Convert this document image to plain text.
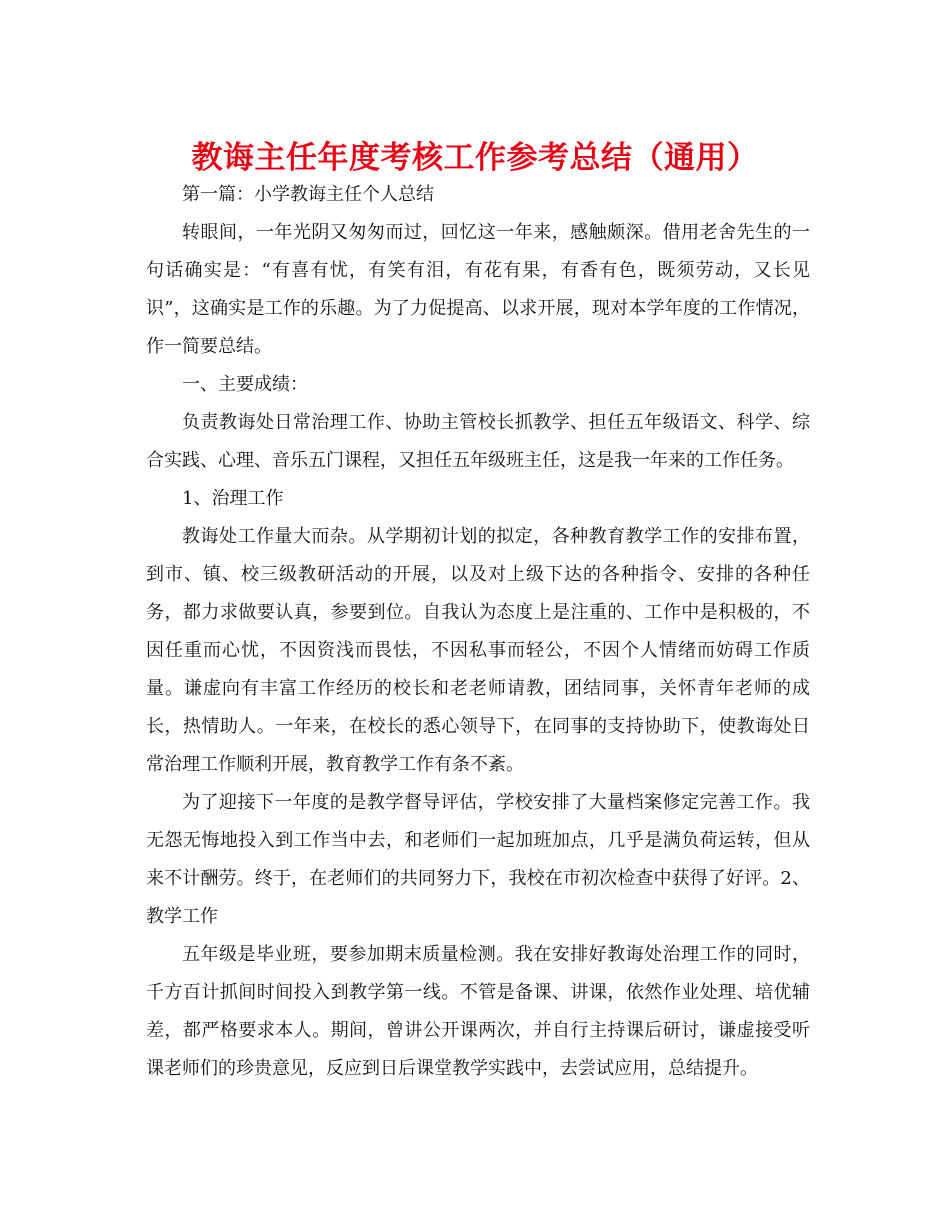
教诲主任年度考核工作参考总结（通用）

第一篇：小学教诲主任个人总结

转眼间，一年光阴又匆匆而过，回忆这一年来，感触颇深。借用老舍先生的一句话确实是：“有喜有忧，有笑有泪，有花有果，有香有色，既须劳动，又长见识”，这确实是工作的乐趣。为了力促提高、以求开展，现对本学年度的工作情况，作一简要总结。

一、主要成绩：

负责教诲处日常治理工作、协助主管校长抓教学、担任五年级语文、科学、综合实践、心理、音乐五门课程，又担任五年级班主任，这是我一年来的工作任务。

1、治理工作

教诲处工作量大而杂。从学期初计划的拟定，各种教育教学工作的安排布置，到市、镇、校三级教研活动的开展，以及对上级下达的各种指令、安排的各种任务，都力求做要认真，参要到位。自我认为态度上是注重的、工作中是积极的，不因任重而心忧，不因资浅而畏怯，不因私事而轻公，不因个人情绪而妨碍工作质量。谦虚向有丰富工作经历的校长和老老师请教，团结同事，关怀青年老师的成长，热情助人。一年来，在校长的悉心领导下，在同事的支持协助下，使教诲处日常治理工作顺利开展，教育教学工作有条不紊。

为了迎接下一年度的是教学督导评估，学校安排了大量档案修定完善工作。我无怨无悔地投入到工作当中去，和老师们一起加班加点，几乎是满负荷运转，但从来不计酬劳。终于，在老师们的共同努力下，我校在市初次检查中获得了好评。2、教学工作

五年级是毕业班，要参加期末质量检测。我在安排好教诲处治理工作的同时，千方百计抓间时间投入到教学第一线。不管是备课、讲课，依然作业处理、培优辅差，都严格要求本人。期间，曾讲公开课两次，并自行主持课后研讨，谦虚接受听课老师们的珍贵意见，反应到日后课堂教学实践中，去尝试应用，总结提升。
